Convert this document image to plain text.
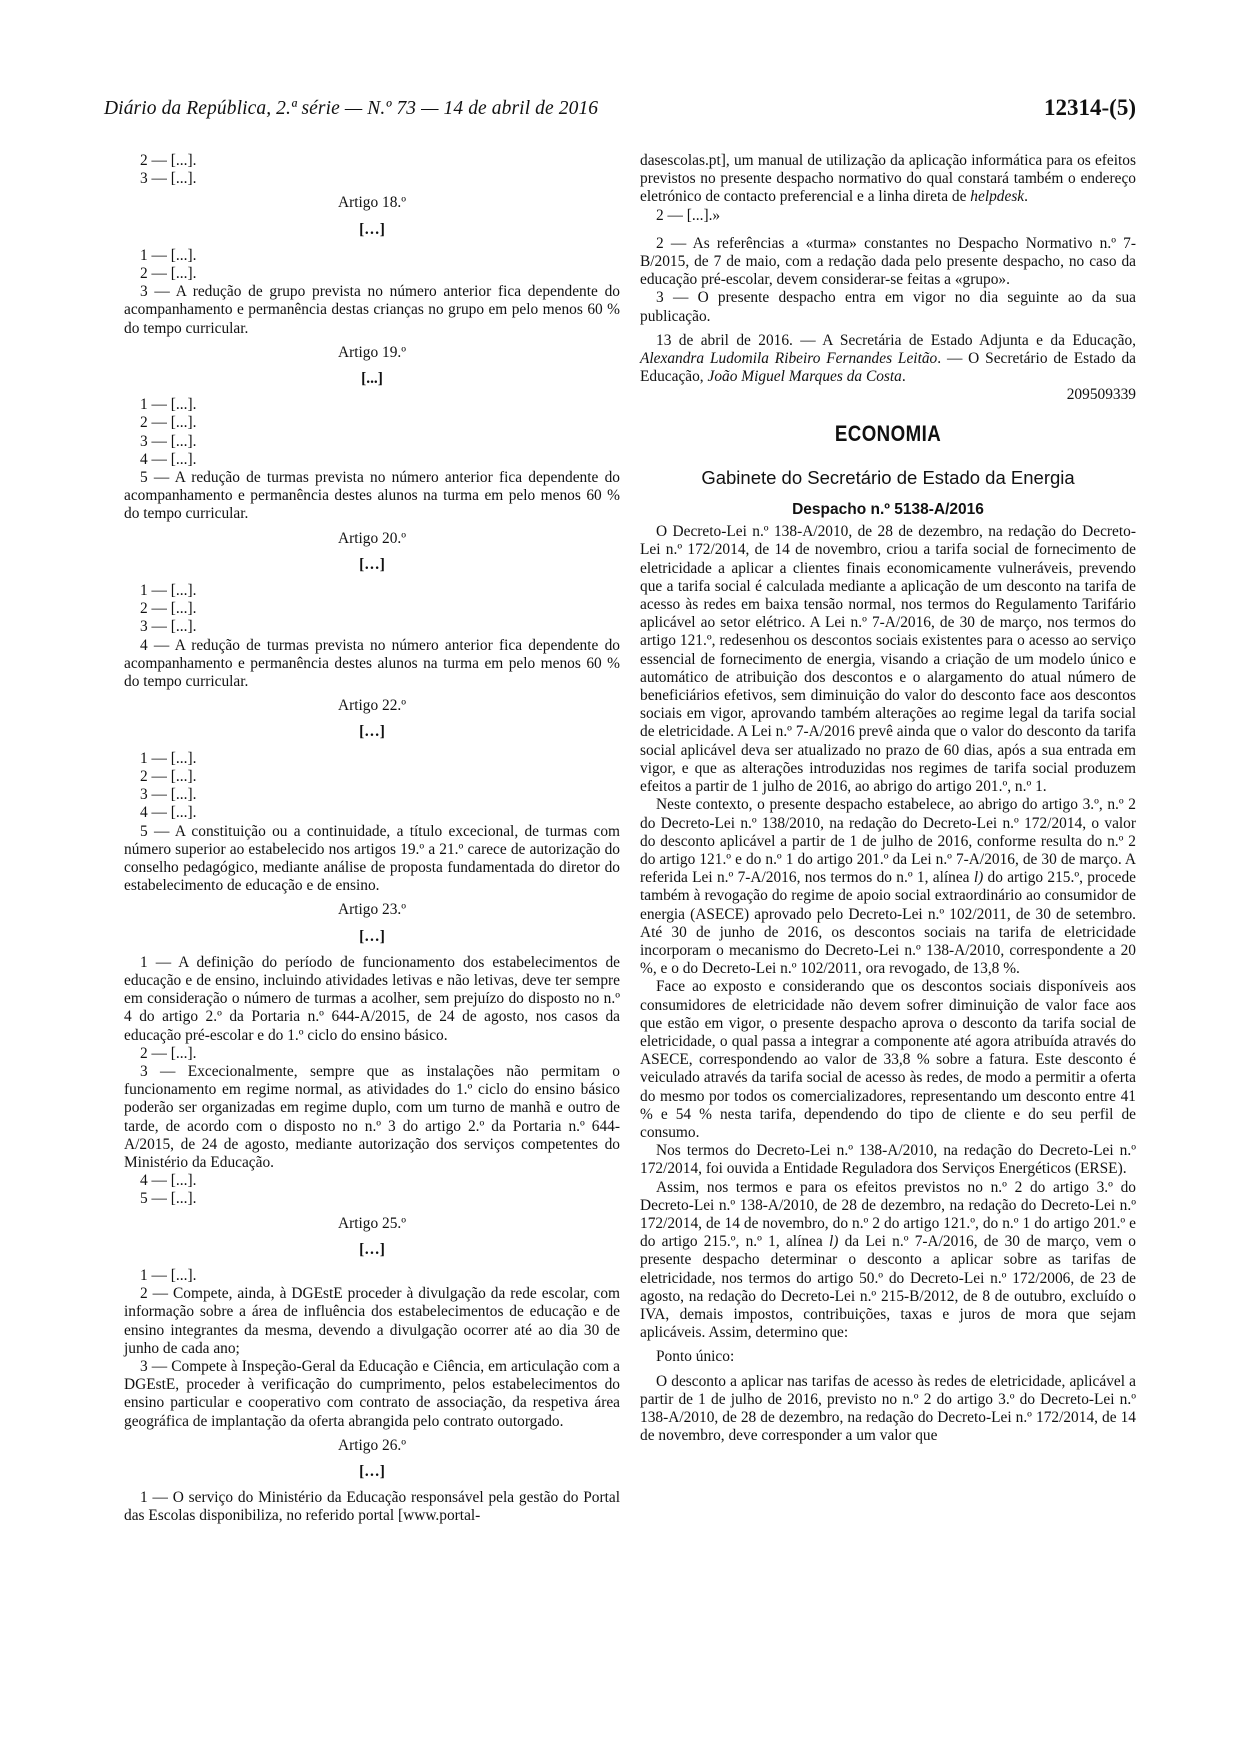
Diário da República, 2.ª série — N.º 73 — 14 de abril de 2016	12314-(5)

2 — [...].

3 — [...].

Artigo 18.º
[…]

1 — [...].

2 — [...].

3 — A redução de grupo prevista no número anterior fica dependente do acompanhamento e permanência destas crianças no grupo em pelo menos 60 % do tempo curricular.

Artigo 19.º
[...]

1 — [...].

2 — [...].

3 — [...].

4 — [...].

5 — A redução de turmas prevista no número anterior fica dependente do acompanhamento e permanência destes alunos na turma em pelo menos 60 % do tempo curricular.

Artigo 20.º
[…]

1 — [...].

2 — [...].

3 — [...].

4 — A redução de turmas prevista no número anterior fica dependente do acompanhamento e permanência destes alunos na turma em pelo menos 60 % do tempo curricular.

Artigo 22.º
[…]

1 — [...].

2 — [...].

3 — [...].

4 — [...].

5 — A constituição ou a continuidade, a título excecional, de turmas com número superior ao estabelecido nos artigos 19.º a 21.º carece de autorização do conselho pedagógico, mediante análise de proposta fundamentada do diretor do estabelecimento de educação e de ensino.

Artigo 23.º
[…]

1 — A definição do período de funcionamento dos estabelecimentos de educação e de ensino, incluindo atividades letivas e não letivas, deve ter sempre em consideração o número de turmas a acolher, sem prejuízo do disposto no n.º 4 do artigo 2.º da Portaria n.º 644-A/2015, de 24 de agosto, nos casos da educação pré-escolar e do 1.º ciclo do ensino básico.

2 — [...].

3 — Excecionalmente, sempre que as instalações não permitam o funcionamento em regime normal, as atividades do 1.º ciclo do ensino básico poderão ser organizadas em regime duplo, com um turno de manhã e outro de tarde, de acordo com o disposto no n.º 3 do artigo 2.º da Portaria n.º 644-A/2015, de 24 de agosto, mediante autorização dos serviços competentes do Ministério da Educação.

4 — [...].

5 — [...].

Artigo 25.º
[…]

1 — [...].

2 — Compete, ainda, à DGEstE proceder à divulgação da rede escolar, com informação sobre a área de influência dos estabelecimentos de educação e de ensino integrantes da mesma, devendo a divulgação ocorrer até ao dia 30 de junho de cada ano;

3 — Compete à Inspeção-Geral da Educação e Ciência, em articulação com a DGEstE, proceder à verificação do cumprimento, pelos estabelecimentos do ensino particular e cooperativo com contrato de associação, da respetiva área geográfica de implantação da oferta abrangida pelo contrato outorgado.

Artigo 26.º
[…]

1 — O serviço do Ministério da Educação responsável pela gestão do Portal das Escolas disponibiliza, no referido portal [www.portal-

dasescolas.pt], um manual de utilização da aplicação informática para os efeitos previstos no presente despacho normativo do qual constará também o endereço eletrónico de contacto preferencial e a linha direta de helpdesk.

2 — [...].»

2 — As referências a «turma» constantes no Despacho Normativo n.º 7-B/2015, de 7 de maio, com a redação dada pelo presente despacho, no caso da educação pré-escolar, devem considerar-se feitas a «grupo».

3 — O presente despacho entra em vigor no dia seguinte ao da sua publicação.

13 de abril de 2016. — A Secretária de Estado Adjunta e da Educação, Alexandra Ludomila Ribeiro Fernandes Leitão. — O Secretário de Estado da Educação, João Miguel Marques da Costa.

209509339

ECONOMIA
Gabinete do Secretário de Estado da Energia
Despacho n.º 5138-A/2016

O Decreto-Lei n.º 138-A/2010, de 28 de dezembro, na redação do Decreto-Lei n.º 172/2014, de 14 de novembro, criou a tarifa social de fornecimento de eletricidade a aplicar a clientes finais economicamente vulneráveis, prevendo que a tarifa social é calculada mediante a aplicação de um desconto na tarifa de acesso às redes em baixa tensão normal, nos termos do Regulamento Tarifário aplicável ao setor elétrico. A Lei n.º 7-A/2016, de 30 de março, nos termos do artigo 121.º, redesenhou os descontos sociais existentes para o acesso ao serviço essencial de fornecimento de energia, visando a criação de um modelo único e automático de atribuição dos descontos e o alargamento do atual número de beneficiários efetivos, sem diminuição do valor do desconto face aos descontos sociais em vigor, aprovando também alterações ao regime legal da tarifa social de eletricidade. A Lei n.º 7-A/2016 prevê ainda que o valor do desconto da tarifa social aplicável deva ser atualizado no prazo de 60 dias, após a sua entrada em vigor, e que as alterações introduzidas nos regimes de tarifa social produzem efeitos a partir de 1 julho de 2016, ao abrigo do artigo 201.º, n.º 1.

Neste contexto, o presente despacho estabelece, ao abrigo do artigo 3.º, n.º 2 do Decreto-Lei n.º 138/2010, na redação do Decreto-Lei n.º 172/2014, o valor do desconto aplicável a partir de 1 de julho de 2016, conforme resulta do n.º 2 do artigo 121.º e do n.º 1 do artigo 201.º da Lei n.º 7-A/2016, de 30 de março. A referida Lei n.º 7-A/2016, nos termos do n.º 1, alínea l) do artigo 215.º, procede também à revogação do regime de apoio social extraordinário ao consumidor de energia (ASECE) aprovado pelo Decreto-Lei n.º 102/2011, de 30 de setembro. Até 30 de junho de 2016, os descontos sociais na tarifa de eletricidade incorporam o mecanismo do Decreto-Lei n.º 138-A/2010, correspondente a 20 %, e o do Decreto-Lei n.º 102/2011, ora revogado, de 13,8 %.

Face ao exposto e considerando que os descontos sociais disponíveis aos consumidores de eletricidade não devem sofrer diminuição de valor face aos que estão em vigor, o presente despacho aprova o desconto da tarifa social de eletricidade, o qual passa a integrar a componente até agora atribuída através do ASECE, correspondendo ao valor de 33,8 % sobre a fatura. Este desconto é veiculado através da tarifa social de acesso às redes, de modo a permitir a oferta do mesmo por todos os comercializadores, representando um desconto entre 41 % e 54 % nesta tarifa, dependendo do tipo de cliente e do seu perfil de consumo.

Nos termos do Decreto-Lei n.º 138-A/2010, na redação do Decreto-Lei n.º 172/2014, foi ouvida a Entidade Reguladora dos Serviços Energéticos (ERSE).

Assim, nos termos e para os efeitos previstos no n.º 2 do artigo 3.º do Decreto-Lei n.º 138-A/2010, de 28 de dezembro, na redação do Decreto-Lei n.º 172/2014, de 14 de novembro, do n.º 2 do artigo 121.º, do n.º 1 do artigo 201.º e do artigo 215.º, n.º 1, alínea l) da Lei n.º 7-A/2016, de 30 de março, vem o presente despacho determinar o desconto a aplicar sobre as tarifas de eletricidade, nos termos do artigo 50.º do Decreto-Lei n.º 172/2006, de 23 de agosto, na redação do Decreto-Lei n.º 215-B/2012, de 8 de outubro, excluído o IVA, demais impostos, contribuições, taxas e juros de mora que sejam aplicáveis. Assim, determino que:

Ponto único:

O desconto a aplicar nas tarifas de acesso às redes de eletricidade, aplicável a partir de 1 de julho de 2016, previsto no n.º 2 do artigo 3.º do Decreto-Lei n.º 138-A/2010, de 28 de dezembro, na redação do Decreto-Lei n.º 172/2014, de 14 de novembro, deve corresponder a um valor que
